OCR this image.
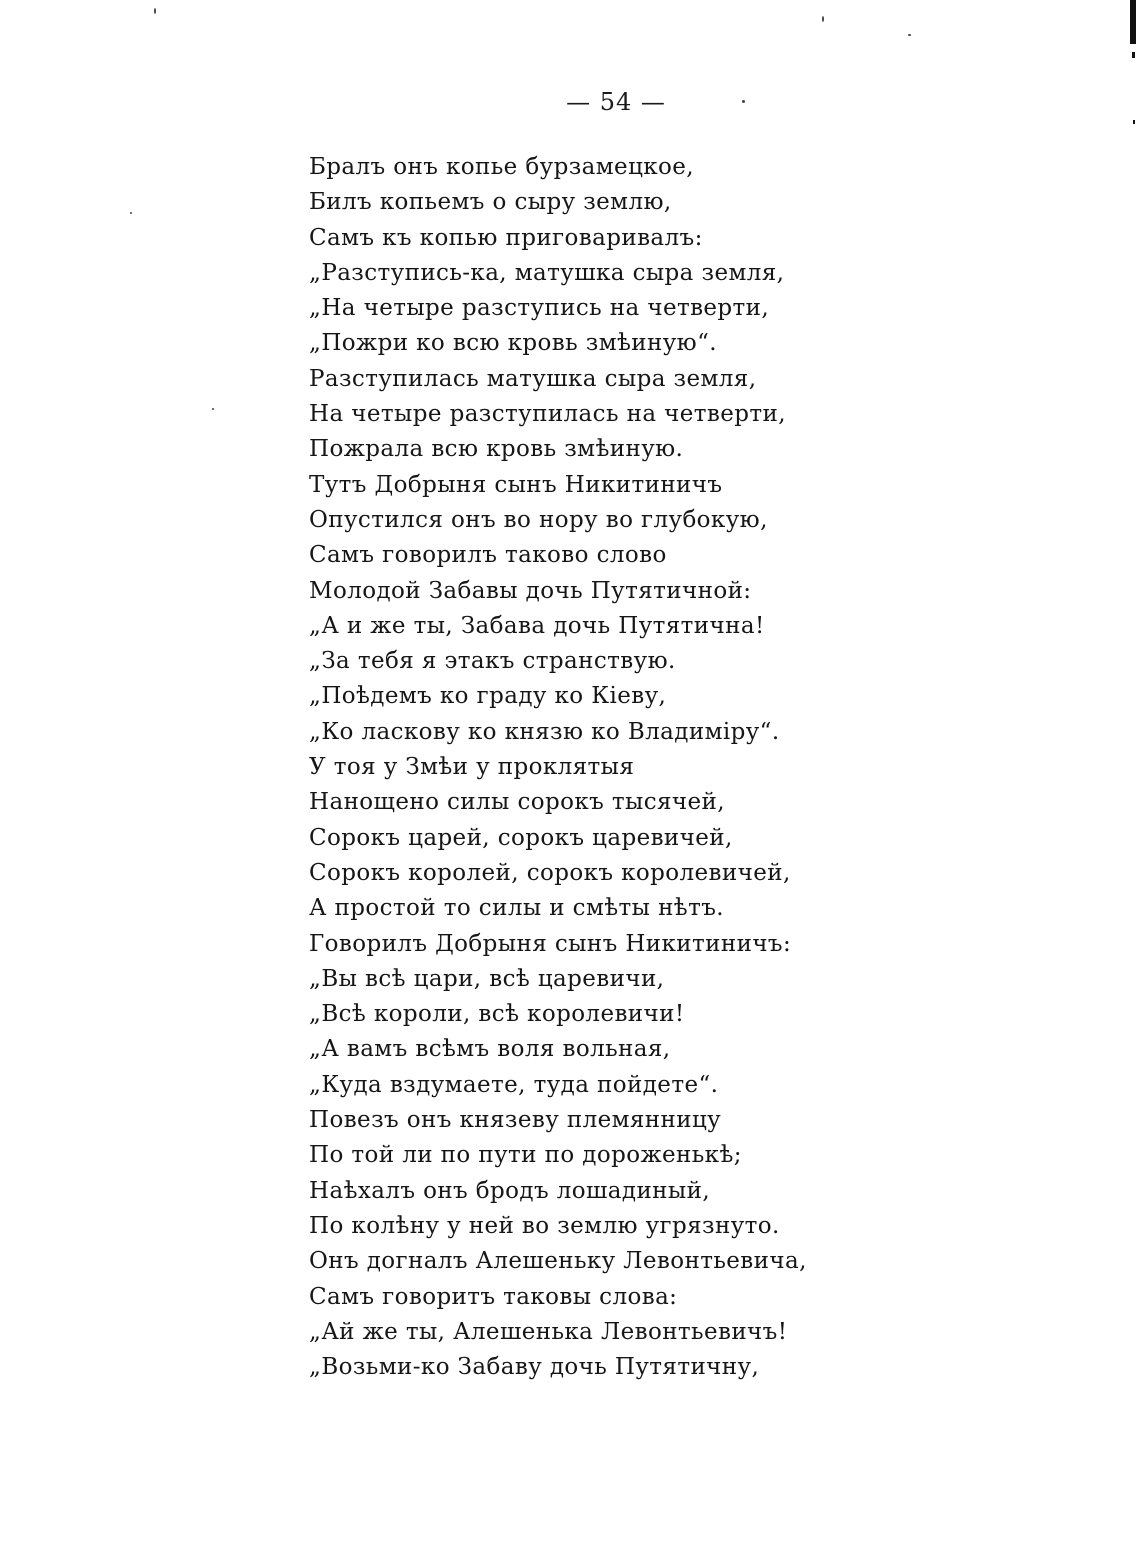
— 54 —
Бралъ онъ копье бурзамецкое,
Билъ копьемъ о сыру землю,
Самъ къ копью приговаривалъ:
„Разступись-ка, матушка сыра земля,
„На четыре разступись на четверти,
„Пожри ко всю кровь змѣиную“.
Разступилась матушка сыра земля,
На четыре разступилась на четверти,
Пожрала всю кровь змѣиную.
Тутъ Добрыня сынъ Никитиничъ
Опустился онъ во нору во глубокую,
Самъ говорилъ таково слово
Молодой Забавы дочь Путятичной:
„А и же ты, Забава дочь Путятична!
„За тебя я этакъ странствую.
„Поѣдемъ ко граду ко Кіеву,
„Ко ласкову ко князю ко Владиміру“.
У тоя у Змѣи у проклятыя
Нанощено силы сорокъ тысячей,
Сорокъ царей, сорокъ царевичей,
Сорокъ королей, сорокъ королевичей,
А простой то силы и смѣты нѣтъ.
Говорилъ Добрыня сынъ Никитиничъ:
„Вы всѣ цари, всѣ царевичи,
„Всѣ короли, всѣ королевичи!
„А вамъ всѣмъ воля вольная,
„Куда вздумаете, туда пойдете“.
Повезъ онъ князеву племянницу
По той ли по пути по дороженькѣ;
Наѣхалъ онъ бродъ лошадиный,
По колѣну у ней во землю угрязнуто.
Онъ догналъ Алешеньку Левонтьевича,
Самъ говоритъ таковы слова:
„Ай же ты, Алешенька Левонтьевичъ!
„Возьми-ко Забаву дочь Путятичну,
